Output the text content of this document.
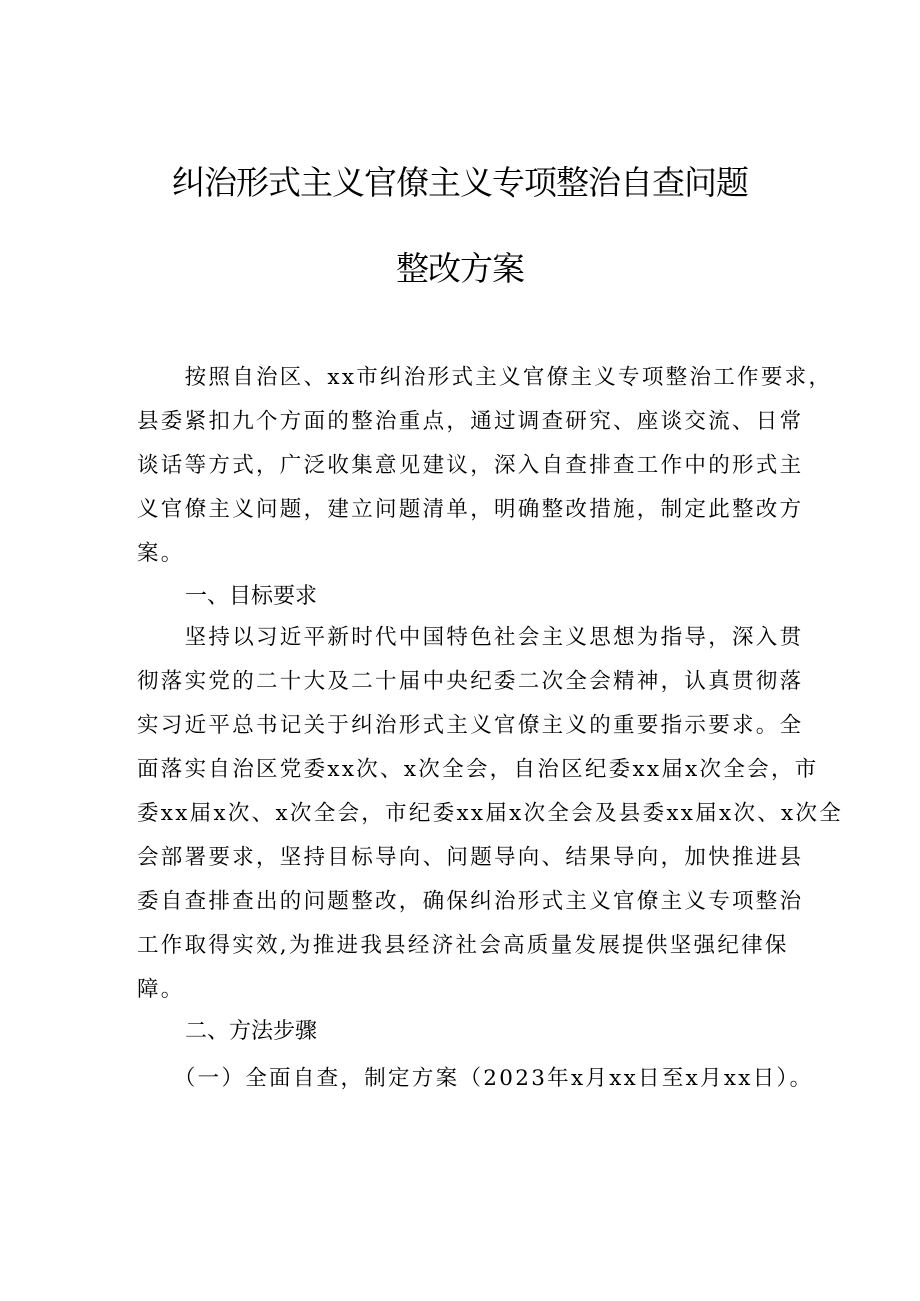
纠治形式主义官僚主义专项整治自查问题
整改方案
　　按照自治区、xx市纠治形式主义官僚主义专项整治工作要求，
县委紧扣九个方面的整治重点，通过调查研究、座谈交流、日常
谈话等方式，广泛收集意见建议，深入自查排查工作中的形式主
义官僚主义问题，建立问题清单，明确整改措施，制定此整改方
案。
一、目标要求
　　坚持以习近平新时代中国特色社会主义思想为指导，深入贯
彻落实党的二十大及二十届中央纪委二次全会精神，认真贯彻落
实习近平总书记关于纠治形式主义官僚主义的重要指示要求。全
面落实自治区党委xx次、x次全会，自治区纪委xx届x次全会，市
委xx届x次、x次全会，市纪委xx届x次全会及县委xx届x次、x次全
会部署要求，坚持目标导向、问题导向、结果导向，加快推进县
委自查排查出的问题整改，确保纠治形式主义官僚主义专项整治
工作取得实效,为推进我县经济社会高质量发展提供坚强纪律保
障。
二、方法步骤
　　（一）全面自查，制定方案（2023年x月xx日至x月xx日）。
